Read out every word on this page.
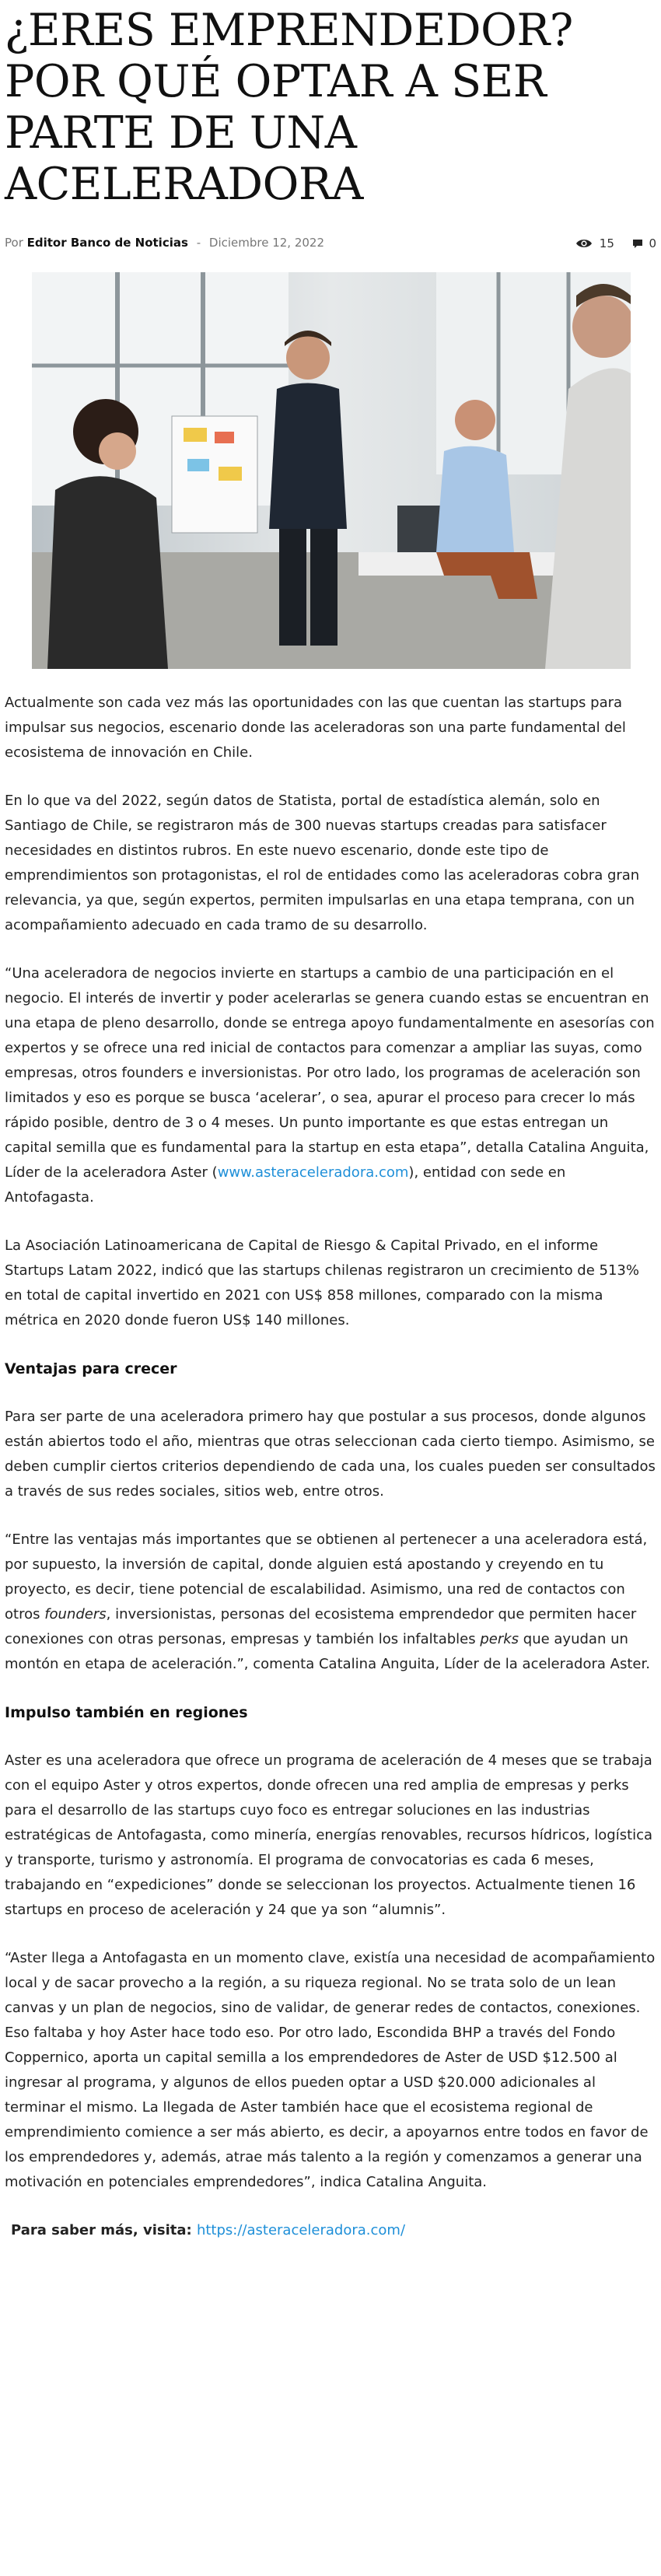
¿ERES EMPRENDEDOR? POR QUÉ OPTAR A SER PARTE DE UNA ACELERADORA
Por Editor Banco de Noticias - Diciembre 12, 2022	15	0

Actualmente son cada vez más las oportunidades con las que cuentan las startups para impulsar sus negocios, escenario donde las aceleradoras son una parte fundamental del ecosistema de innovación en Chile.

En lo que va del 2022, según datos de Statista, portal de estadística alemán, solo en Santiago de Chile, se registraron más de 300 nuevas startups creadas para satisfacer necesidades en distintos rubros. En este nuevo escenario, donde este tipo de emprendimientos son protagonistas, el rol de entidades como las aceleradoras cobra gran relevancia, ya que, según expertos, permiten impulsarlas en una etapa temprana, con un acompañamiento adecuado en cada tramo de su desarrollo.

“Una aceleradora de negocios invierte en startups a cambio de una participación en el negocio. El interés de invertir y poder acelerarlas se genera cuando estas se encuentran en una etapa de pleno desarrollo, donde se entrega apoyo fundamentalmente en asesorías con expertos y se ofrece una red inicial de contactos para comenzar a ampliar las suyas, como empresas, otros founders e inversionistas. Por otro lado, los programas de aceleración son limitados y eso es porque se busca ‘acelerar’, o sea, apurar el proceso para crecer lo más rápido posible, dentro de 3 o 4 meses. Un punto importante es que estas entregan un capital semilla que es fundamental para la startup en esta etapa”, detalla Catalina Anguita, Líder de la aceleradora Aster (www.asteraceleradora.com), entidad con sede en Antofagasta.

La Asociación Latinoamericana de Capital de Riesgo & Capital Privado, en el informe Startups Latam 2022, indicó que las startups chilenas registraron un crecimiento de 513% en total de capital invertido en 2021 con US$ 858 millones, comparado con la misma métrica en 2020 donde fueron US$ 140 millones.

Ventajas para crecer

Para ser parte de una aceleradora primero hay que postular a sus procesos, donde algunos están abiertos todo el año, mientras que otras seleccionan cada cierto tiempo. Asimismo, se deben cumplir ciertos criterios dependiendo de cada una, los cuales pueden ser consultados a través de sus redes sociales, sitios web, entre otros.

“Entre las ventajas más importantes que se obtienen al pertenecer a una aceleradora está, por supuesto, la inversión de capital, donde alguien está apostando y creyendo en tu proyecto, es decir, tiene potencial de escalabilidad. Asimismo, una red de contactos con otros founders, inversionistas, personas del ecosistema emprendedor que permiten hacer conexiones con otras personas, empresas y también los infaltables perks que ayudan un montón en etapa de aceleración.”, comenta Catalina Anguita, Líder de la aceleradora Aster.

Impulso también en regiones

Aster es una aceleradora que ofrece un programa de aceleración de 4 meses que se trabaja con el equipo Aster y otros expertos, donde ofrecen una red amplia de empresas y perks para el desarrollo de las startups cuyo foco es entregar soluciones en las industrias estratégicas de Antofagasta, como minería, energías renovables, recursos hídricos, logística y transporte, turismo y astronomía. El programa de convocatorias es cada 6 meses, trabajando en “expediciones” donde se seleccionan los proyectos. Actualmente tienen 16 startups en proceso de aceleración y 24 que ya son “alumnis”.

“Aster llega a Antofagasta en un momento clave, existía una necesidad de acompañamiento local y de sacar provecho a la región, a su riqueza regional. No se trata solo de un lean canvas y un plan de negocios, sino de validar, de generar redes de contactos, conexiones. Eso faltaba y hoy Aster hace todo eso. Por otro lado, Escondida BHP a través del Fondo Coppernico, aporta un capital semilla a los emprendedores de Aster de USD $12.500 al ingresar al programa, y algunos de ellos pueden optar a USD $20.000 adicionales al terminar el mismo. La llegada de Aster también hace que el ecosistema regional de emprendimiento comience a ser más abierto, es decir, a apoyarnos entre todos en favor de los emprendedores y, además, atrae más talento a la región y comenzamos a generar una motivación en potenciales emprendedores”, indica Catalina Anguita.

Para saber más, visita: https://asteraceleradora.com/
